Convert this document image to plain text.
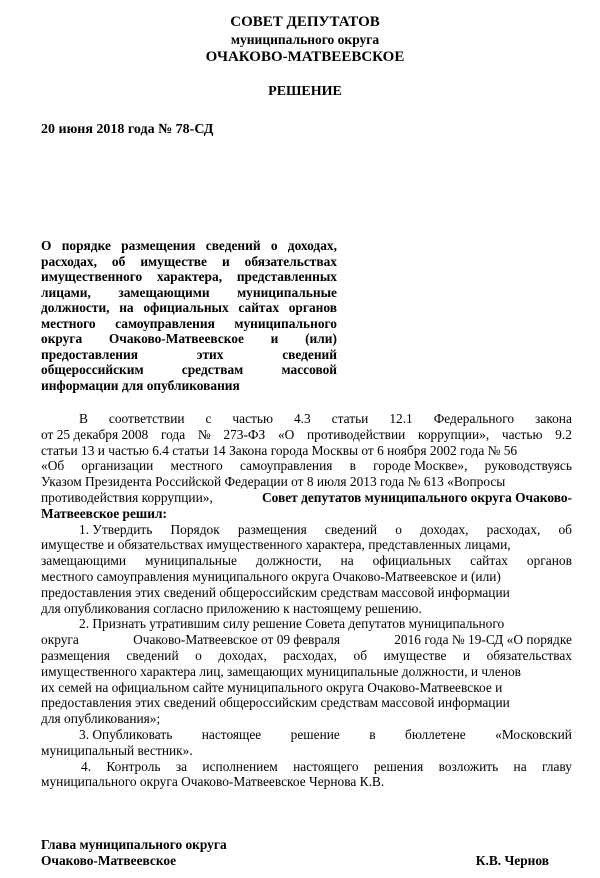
СОВЕТ ДЕПУТАТОВ
муниципального округа
ОЧАКОВО-МАТВЕЕВСКОЕ
РЕШЕНИЕ
20 июня 2018 года № 78-СД
О порядке размещения сведений о доходах,
расходах, об имуществе и обязательствах
имущественного характера, представленных
лицами, замещающими муниципальные
должности, на официальных сайтах органов
местного самоуправления муниципального
округа Очаково-Матвеевское и (или)
предоставления	этих	сведений
общероссийским	средствам	массовой
информации для опубликования
В соответствии с частью 4.3 статьи 12.1 Федерального закона
от 25 декабря 2008 года № 273-ФЗ «О противодействии коррупции», частью 9.2
статьи 13 и частью 6.4 статьи 14 Закона города Москвы от 6 ноября 2002 года № 56
«Об организации местного самоуправления в городе Москве», руководствуясь
Указом Президента Российской Федерации от 8 июля 2013 года № 613 «Вопросы
противодействия коррупции»,	Совет депутатов муниципального округа Очаково-
Матвеевское решил:
1. Утвердить Порядок размещения сведений о доходах, расходах, об
имуществе и обязательствах имущественного характера, представленных лицами,
замещающими муниципальные должности, на официальных сайтах органов
местного самоуправления муниципального округа Очаково-Матвеевское и (или)
предоставления этих сведений общероссийским средствам массовой информации
для опубликования согласно приложению к настоящему решению.
2. Признать утратившим силу решение Совета депутатов муниципального
округа	Очаково-Матвеевское от 09 февраля	2016 года № 19-СД «О порядке
размещения сведений о доходах, расходах, об имуществе и обязательствах
имущественного характера лиц, замещающих муниципальные должности, и членов
их семей на официальном сайте муниципального округа Очаково-Матвеевское и
предоставления этих сведений общероссийским средствам массовой информации
для опубликования»;
3. Опубликовать настоящее решение в бюллетене «Московский
муниципальный вестник».
4. Контроль за исполнением настоящего решения возложить на главу
муниципального округа Очаково-Матвеевское Чернова К.В.
Глава муниципального округа
Очаково-Матвеевское	К.В. Чернов
